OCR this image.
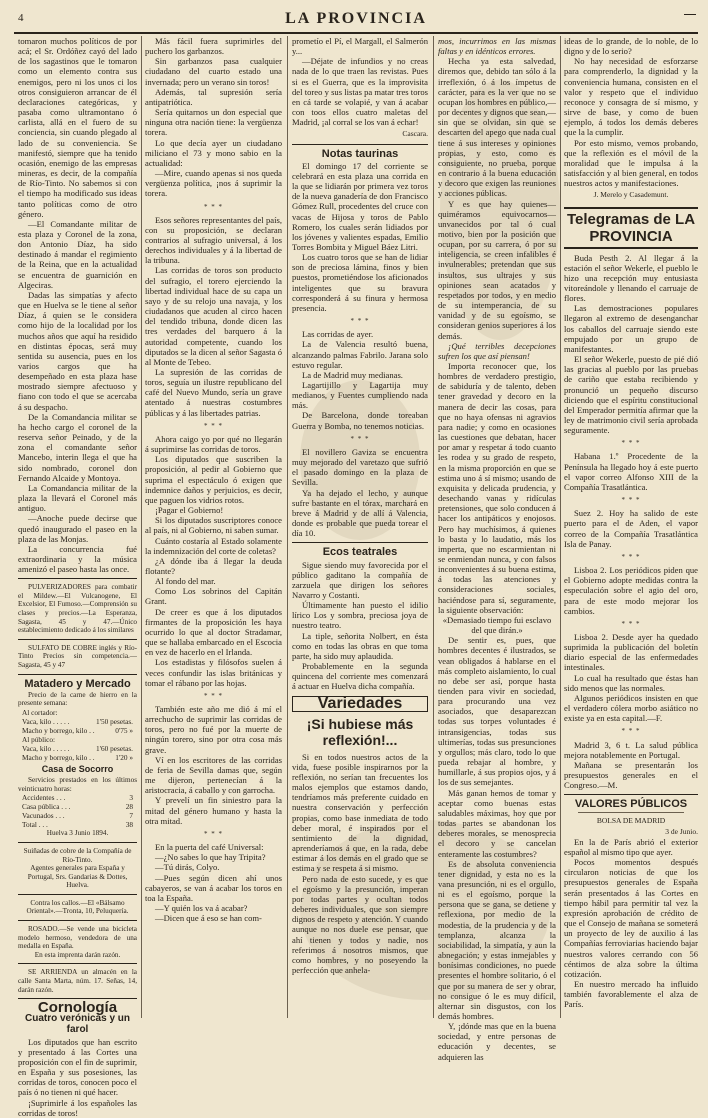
4	LA PROVINCIA

tomaron muchos políticos de por acá; el Sr. Ordóñez cayó del lado de los sagastinos que le tomaron como un elemento contra sus enemigos, pero ni los unos ci los otros consiguieron arrancar de él declaraciones categóricas, y pasaba como ultramontano ó carlista, allá en el fuero de su conciencia, sin cuando plegado al lado de su conveniencia. Se manifestó, siempre que ha tenido ocasión, enemigo de las empresas mineras, es decir, de la compañía de Río-Tinto. No sabemos si con el tiempo ha modificado sus ideas tanto políticas como de otro género.

—El Comandante militar de esta plaza y Coronel de la zona, don Antonio Díaz, ha sido destinado á mandar el regimiento de la Reina, que en la actualidad se encuentra de guarnición en Algeciras.

Dadas las simpatías y afecto que en Huelva se le tiene al señor Díaz, á quien se le considera como hijo de la localidad por los muchos años que aquí ha residido en distintas épocas, será muy sentida su ausencia, pues en los varios cargos que ha desempeñado en esta plaza hase mostrado siempre afectuoso y fiano con todo el que se acercaba á su despacho.

De la Comandancia militar se ha hecho cargo el coronel de la reserva señor Peinado, y de la zona el comandante señor Mancebo, interin llega el que ha sido nombrado, coronel don Fernando Alcaide y Montoya.

La Comandancia militar de la plaza la llevará el Coronel más antiguo.

—Anoche puede decirse que quedó inaugurado el paseo en la plaza de las Monjas.

La concurrencia fué extraordinaria y la música amenizó el paseo hasta las once.

PULVERIZADORES para combatir el Mildew.—El Vulcanogene, El Excelsior, El Fumoso.—Comprensión su clases y precios.—La Esperanza, Sagasta, 45 y 47.—Único establecimiento dedicado á los similares

SULFATO DE COBRE inglés y Río-Tinto Precios sin competencia.—Sagasta, 45 y 47

Matadero y Mercado

Precio de la carne de hierro en la presente semana:

Al cortador:
Vaca, kilo . . . . .	1'50 pesetas.
Macho y borrego, kilo . .	0'75 »
Al público:
Vaca, kilo . . . . .	1'60 pesetas.
Macho y borrego, kilo . .	1'20 »
Casa de Socorro

Servicios prestados en los últimos veinticuatro horas:

Accidentes . . .	3
Casa pública . . .	28
Vacunados . . .	7
Total . . .	38

Huelva 3 Junio 1894.

Suiñadas de cobre de la Compañía de Río-Tinto.

Agentes generales para España y Portugal, Srs. Gandarias & Dottes, Huelva.

Contra los callos.—El «Bálsamo Oriental».—Tronta, 10, Peluquería.

ROSADO.—Se vende una bicicleta modelo hermoso, vendedora de una medalla en España.

En esta imprenta darán razón.

SE ARRIENDA un almacén en la calle Santa Marta, núm. 17. Señas, 14, darán razón.

Cornología
Cuatro verónicas y un farol

Los diputados que han escrito y presentado á las Cortes una proposición con el fin de suprimir, en España y sus posesiones, las corridas de toros, conocen poco el país ó no tienen ni qué hacer.

¡Suprimirle á los españoles las corridas de toros!

Más fácil fuera suprimirles del puchero los garbanzos.

Sin garbanzos pasa cualquier ciudadano del cuarto estado una invernada; pero un verano sin toros!

Además, tal supresión sería antipatriótica.

Sería quitarnos un don especial que ninguna otra nación tiene: la vergüenza torera.

Lo que decía ayer un ciudadano miliciano el 73 y mono sabio en la actualidad:

—Mire, cuando apenas si nos queda vergüenza política, ¡nos á suprimir la torera.

* * *

Esos señores representantes del país, con su proposición, se declaran contrarios al sufragio universal, á los derechos individuales y á la libertad de la tribuna.

Las corridas de toros son producto del sufragio, el torero ejerciendo la libertad individual hace de su capa un sayo y de su relojo una navaja, y los ciudadanos que acuden al circo hacen del tendido tribuna, donde dicen las tres verdades del barquero á la autoridad competente, cuando los diputados se la dicen al señor Sagasta ó al Monte de Tebeo.

La supresión de las corridas de toros, seguía un ilustre republicano del café del Nuevo Mundo, sería un grave atentado á nuestras costumbres públicas y á las libertades patrias.

* * *

Ahora caigo yo por qué no llegarán á suprimirse las corridas de toros.

Los diputados que suscriben la proposición, al pedir al Gobierno que suprima el espectáculo ó exigen que indemnice daños y perjuicios, es decir, que paguen los vidrios rotos.

¡Pagar el Gobierno!

Si los diputados suscriptores conoce al país, ni al Gobierno, ni saben sumar.

Cuánto costaría al Estado solamente la indemnización del corte de coletas?

¿A dónde iba á llegar la deuda flotante?

Al fondo del mar.

Como Los sobrinos del Capitán Grant.

De creer es que á los diputados firmantes de la proposición les haya ocurrido lo que al doctor Stradamar, que se hallaba embarcado en el Escocia en vez de hacerlo en el Irlanda.

Los estadistas y filósofos suelen á veces confundir las islas británicas y tomar el rábano por las hojas.

* * *

También este año me dió á mí el arrechucho de suprimir las corridas de toros, pero no fué por la muerte de ningún torero, sino por otra cosa más grave.

Ví en los escritores de las corridas de feria de Sevilla damas que, según me dijeron, pertenecían á la aristocracia, á caballo y con garrocha.

Y prevelí un fin siniestro para la mitad del género humano y hasta la otra mitad.

* * *

En la puerta del café Universal:

—¿No sabes lo que hay Tripita?

—Tú dirás, Colyo.

—Pues según dicen ahí unos cabayeros, se van á acabar los toros en toa la España.

—Y quién los va á acabar?

—Dicen que á eso se han com-

prometío el Pí, el Margall, el Salmerón y...

—Déjate de infundios y no creas nada de lo que traen las revistas. Pues si es el Guerra, que es la improvisita del toreo y sus listas pa matar tres toros en cá tarde se volapié, y van á acabar con toos ellos cuatro maletas del Madrid, ¡al corral se los van á echar!

Cascara.
Notas taurinas

El domingo 17 del corriente se celebrará en esta plaza una corrida en la que se lidiarán por primera vez toros de la nueva ganadería de don Francisco Gómez Rull, procedentes del cruce con vacas de Hijosa y toros de Pablo Romero, los cuales serán lidiados por los jóvenes y valientes espadas, Emilio Torres Bombita y Miguel Báez Litri.

Los cuatro toros que se han de lidiar son de preciosa lámina, finos y bien puestos, prometiéndose los aficionados inteligentes que su bravura corresponderá á su finura y hermosa presencia.

* * *

Las corridas de ayer.

La de Valencia resultó buena, alcanzando palmas Fabrilo. Jarana solo estuvo regular.

La de Madrid muy medianas.

Lagartijillo y Lagartija muy medianos, y Fuentes cumpliendo nada más.

De Barcelona, donde toreaban Guerra y Bomba, no tenemos noticias.

* * *

El novillero Gaviza se encuentra muy mejorado del varetazo que sufrió el pasado domingo en la plaza de Sevilla.

Ya ha dejado el lecho, y aunque sufre bastante en el tórax, marchará en breve á Madrid y de allí á Valencia, donde es probable que pueda torear el día 10.

Ecos teatrales

Sigue siendo muy favorecida por el público gaditano la compañía de zarzuela que dirigen los señores Navarro y Costanti.

Últimamente han puesto el idilio lírico Los y sombra, preciosa joya de nuestro teatro.

La tiple, señorita Nolbert, en ésta como en todas las obras en que toma parte, ha sido muy aplaudida.

Probablemente en la segunda quincena del corriente mes comenzará á actuar en Huelva dicha compañía.

Variedades
¡Si hubiese más reflexión!...

Si en todos nuestros actos de la vida, fuese posible inspirarnos por la reflexión, no serían tan frecuentes los malos ejemplos que estamos dando, tendríamos más preferente cuidado en nuestra conservación y perfección propias, como base inmediata de todo deber moral, é inspirados por el sentimiento de la dignidad, aprenderíamos á que, en la rada, debe estimar á los demás en el grado que se estima y se respeta á si mismo.

Pero nada de esto sucede, y es que el egoísmo y la presunción, imperan por todas partes y ocultan todos deberes individuales, que son siempre dignos de respeto y atención. Y cuando aunque no nos duele ese pensar, que ahí tienen y todos y nadie, nos referimos á nosotros mismos, que como hombres, y no poseyendo la perfección que anhela-

mos, incurrimos en las mismas faltas y en idénticos errores.

Hecha ya esta salvedad, diremos que, debido tan sólo á la irreflexión, ó á los ímpetus de carácter, para es la ver que no se ocupan los hombres en público,—por decentes y dignos que sean,—sin que se olvidan, sin que se descarten del apego que nada cual tiene á sus intereses y opiniones propias, y esto, como es consiguiente, no prueba, porque en contrario á la buena educación y decoro que exigen las reuniones y acciones públicas.

Y es que hay quienes—quiméramos equivocarnos—unvanecidos por tal ó cual motivo, bien por la posición que ocupan, por su carrera, ó por su inteligencia, se creen infalibles é invulnerables; pretendan que sus insultos, sus ultrajes y sus opiniones sean acatados y respetados por todos, y en medio de su intemperancia, de su vanidad y de su egoísmo, se consideran genios superiores á los demás.

¡Qué terribles decepciones sufren los que así piensan!

Importa reconocer que, los hombres de verdadero prestigio, de sabiduría y de talento, deben tener gravedad y decoro en la manera de decir las cosas, para que no haya ofensas ni agravios para nadie; y como en ocasiones las cuestiones que debatan, hacer por amar y respetar á todo cuanto les rodea y su grado de respeto, en la misma proporción en que se estima uno á sí mismo; usando de exquisita y delicada prudencia, y desechando vanas y ridículas pretensiones, que solo conducen á hacer los antipáticos y enojosos. Pero hay muchísimos, á quienes lo basta y lo laudatio, más los imperta, que no escarmientan ni se enmiendan nunca, y con falsos inconvenientes á su buena estima, á todas las atenciones y consideraciones sociales, haciéndose para sí, seguramente, la siguiente observación:

«Demasiado tiempo fui esclavo del que dirán.»

De sentir es, pues, que hombres decentes é ilustrados, se vean obligados á hablarse en el más completo aislamiento, lo cual no debe ser así, porque hasta tienden para vivir en sociedad, para procurando una vez asociados, que desaparezcan todas sus torpes voluntades é intransigencias, todas sus ultimerías, todas sus presunciones y orgullos; más claro, todo lo que pueda rebajar al hombre, y humillarle, á sus propios ojos, y á los de sus semejantes.

Más ganan hemos de tomar y aceptar como buenas estas saludables máximas, hoy que por todas partes se abandonan los deberes morales, se menosprecia el decoro y se cancelan enteramente las costumbres?

Es de absoluta conveniencia tener dignidad, y esta no es la vana presunción, ni es el orgullo, ni es el egoísmo, porque la persona que se gana, se detiene y reflexiona, por medio de la modestia, de la prudencia y de la templanza, alcanza la sociabilidad, la simpatía, y aun la abnegación; y estas inmejables y bonísimas condiciones, no puede presentes el hombre solitario, ó el que por su manera de ser y obrar, no consigue ó le es muy difícil, alternar sin disgustos, con los demás hombres.

Y, ¡dónde mas que en la buena sociedad, y entre personas de educación y decentes, se adquieren las

ideas de lo grande, de lo noble, de lo digno y de lo serio?

No hay necesidad de esforzarse para comprenderlo, la dignidad y la conveniencia humana, consisten en el valor y respeto que el individuo reconoce y consagra de sí mismo, y sirve de base, y como de buen ejemplo, á todos los demás deberes que la la cumplir.

Por esto mismo, vemos probando, que la reflexión es el móvil de la moralidad que le impulsa á la satisfacción y al bien general, en todos nuestros actos y manifestaciones.

J. Merelo y Casademunt.
Telegramas de LA PROVINCIA

Buda Pesth 2. Al llegar á la estación el señor Wekerle, el pueblo le hizo una recepción muy entusiasta vitoreándole y llenando el carruaje de flores.

Las demostraciones populares llegaron al extremo de desenganchar los caballos del carruaje siendo este empujado por un grupo de manifestantes.

El señor Wekerle, puesto de pié dió las gracias al pueblo por las pruebas de cariño que estaba recibiendo y pronunció un pequeño discurso diciendo que el espíritu constitucional del Emperador permitía afirmar que la ley de matrimonio civil sería aprobada seguramente.

* * *

Habana 1.º Procedente de la Península ha llegado hoy á este puerto el vapor correo Alfonso XIII de la Compañía Trasatlántica.

* * *

Suez 2. Hoy ha salido de este puerto para el de Aden, el vapor correo de la Compañía Trasatlántica Isla de Panay.

* * *

Lisboa 2. Los periódicos piden que el Gobierno adopte medidas contra la especulación sobre el agio del oro, para de este modo mejorar los cambios.

* * *

Lisboa 2. Desde ayer ha quedado suprimida la publicación del boletín diario especial de las enfermedades intestinales.

Lo cual ha resultado que éstas han sido menos que las normales.

Algunos periódicos insisten en que el verdadero cólera morbo asiático no existe ya en esta capital.—F.

* * *

Madrid 3, 6 t. La salud pública mejora notablemente en Portugal.

Mañana se presentarán los presupuestos generales en el Congreso.—M.

VALORES PÚBLICOS
BOLSA DE MADRID
3 de Junio.

En la de París abrió el exterior español al mismo tipo que ayer.

Pocos momentos después circularon noticias de que los presupuestos generales de España serán presentados á las Cortes en tiempo hábil para permitir tal vez la expresión aprobación de crédito de que el Consejo de mañana se someterá un proyecto de ley de auxilio á las Compañías ferroviarias haciendo bajar nuestros valores cerrando con 56 céntimos de alza sobre la última cotización.

En nuestro mercado ha influido también favorablemente el alza de París.
